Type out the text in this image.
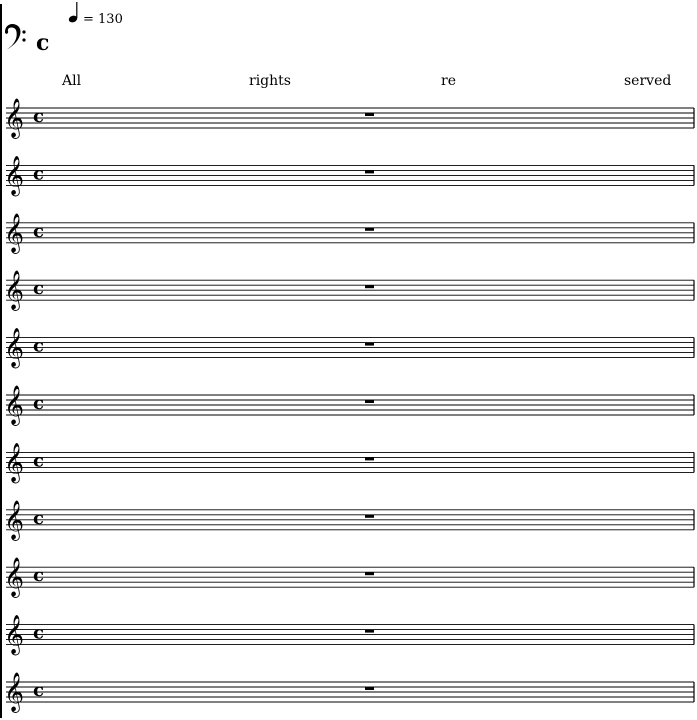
c
𝄞 c
𝄞 c
𝄞 c
𝄞 c
𝄞 c
𝄞 c
𝄞 c
𝄞 c
𝄞 c
𝄞 c
𝄞 c
= 130
All	rights	re	served
